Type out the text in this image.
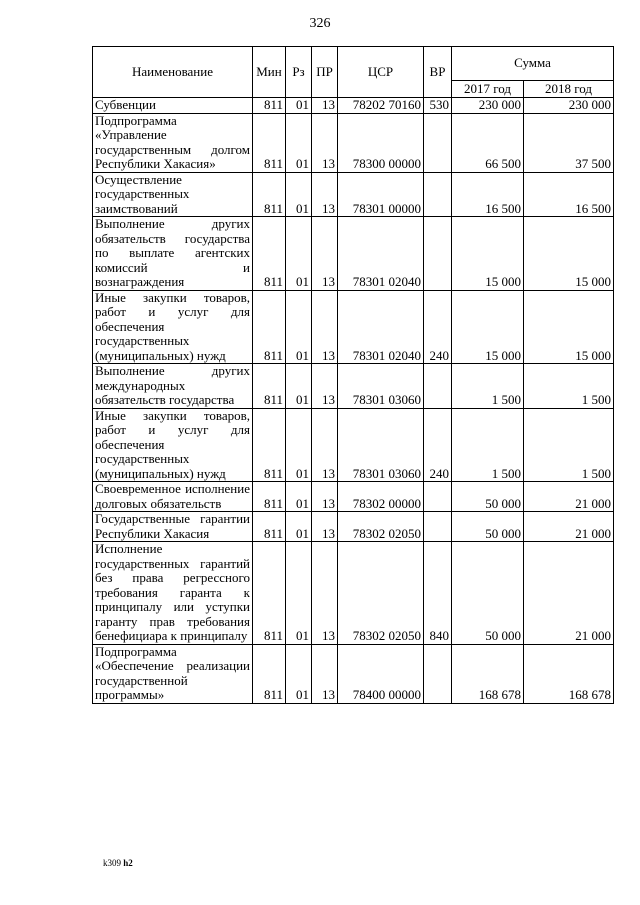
326
Наименование	Мин	Рз	ПР	ЦСР	ВР	Сумма	
						2017 год	2018 год
Субвенции	811	01	13	78202 70160	530	230 000	230 000
Подпрограмма «Управление государственным долгом Республики Хакасия»	811	01	13	78300 00000		66 500	37 500
Осуществление государственных заимствований	811	01	13	78301 00000		16 500	16 500
Выполнение других обязательств государства по выплате агентских комиссий и вознаграждения	811	01	13	78301 02040		15 000	15 000
Иные закупки товаров, работ и услуг для обеспечения государственных (муниципальных) нужд	811	01	13	78301 02040	240	15 000	15 000
Выполнение других международных обязательств государства	811	01	13	78301 03060		1 500	1 500
Иные закупки товаров, работ и услуг для обеспечения государственных (муниципальных) нужд	811	01	13	78301 03060	240	1 500	1 500
Своевременное исполнение долговых обязательств	811	01	13	78302 00000		50 000	21 000
Государственные гарантии Республики Хакасия	811	01	13	78302 02050		50 000	21 000
Исполнение государственных гарантий без права регрессного требования гаранта к принципалу или уступки гаранту прав требования бенефициара к принципалу	811	01	13	78302 02050	840	50 000	21 000
Подпрограмма «Обеспечение реализации государственной программы»	811	01	13	78400 00000		168 678	168 678
k309 h2
